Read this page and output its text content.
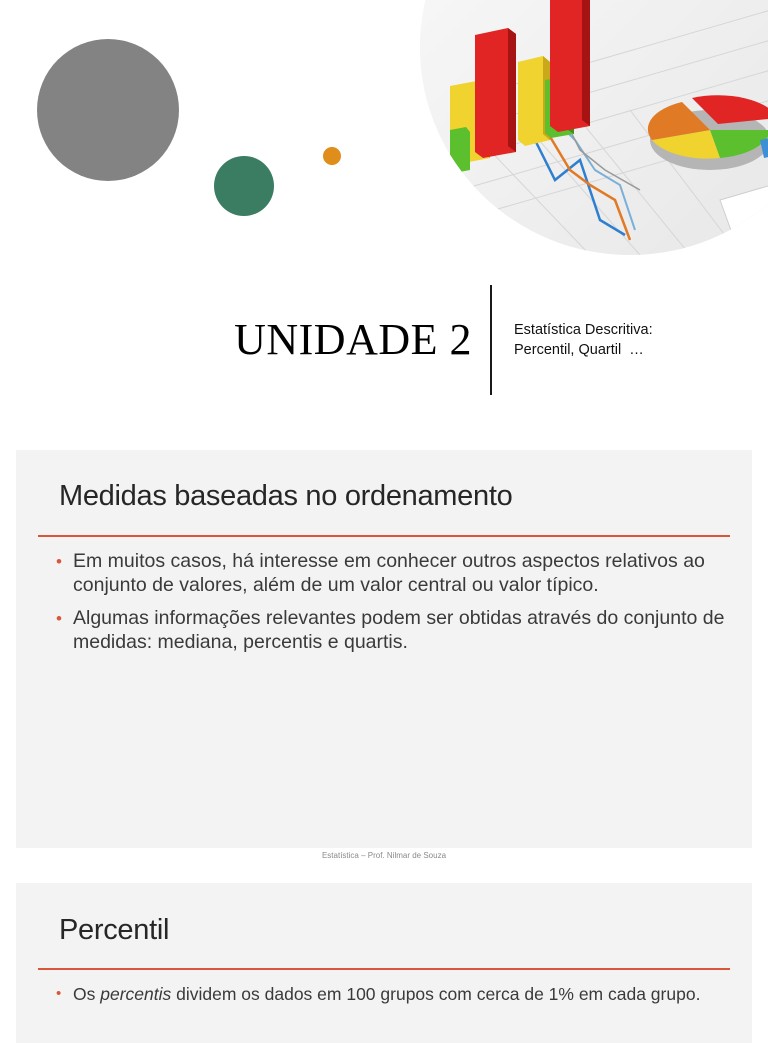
UNIDADE 2	Estatística Descritiva:
Percentil, Quartil  …
Medidas baseadas no ordenamento
• Em muitos casos, há interesse em conhecer outros aspectos relativos ao conjunto de valores, além de um valor central ou valor típico.
• Algumas informações relevantes podem ser obtidas através do conjunto de medidas: mediana, percentis e quartis.
Estatística – Prof. Nilmar de Souza
Percentil
• Os percentis dividem os dados em 100 grupos com cerca de 1% em cada grupo.
